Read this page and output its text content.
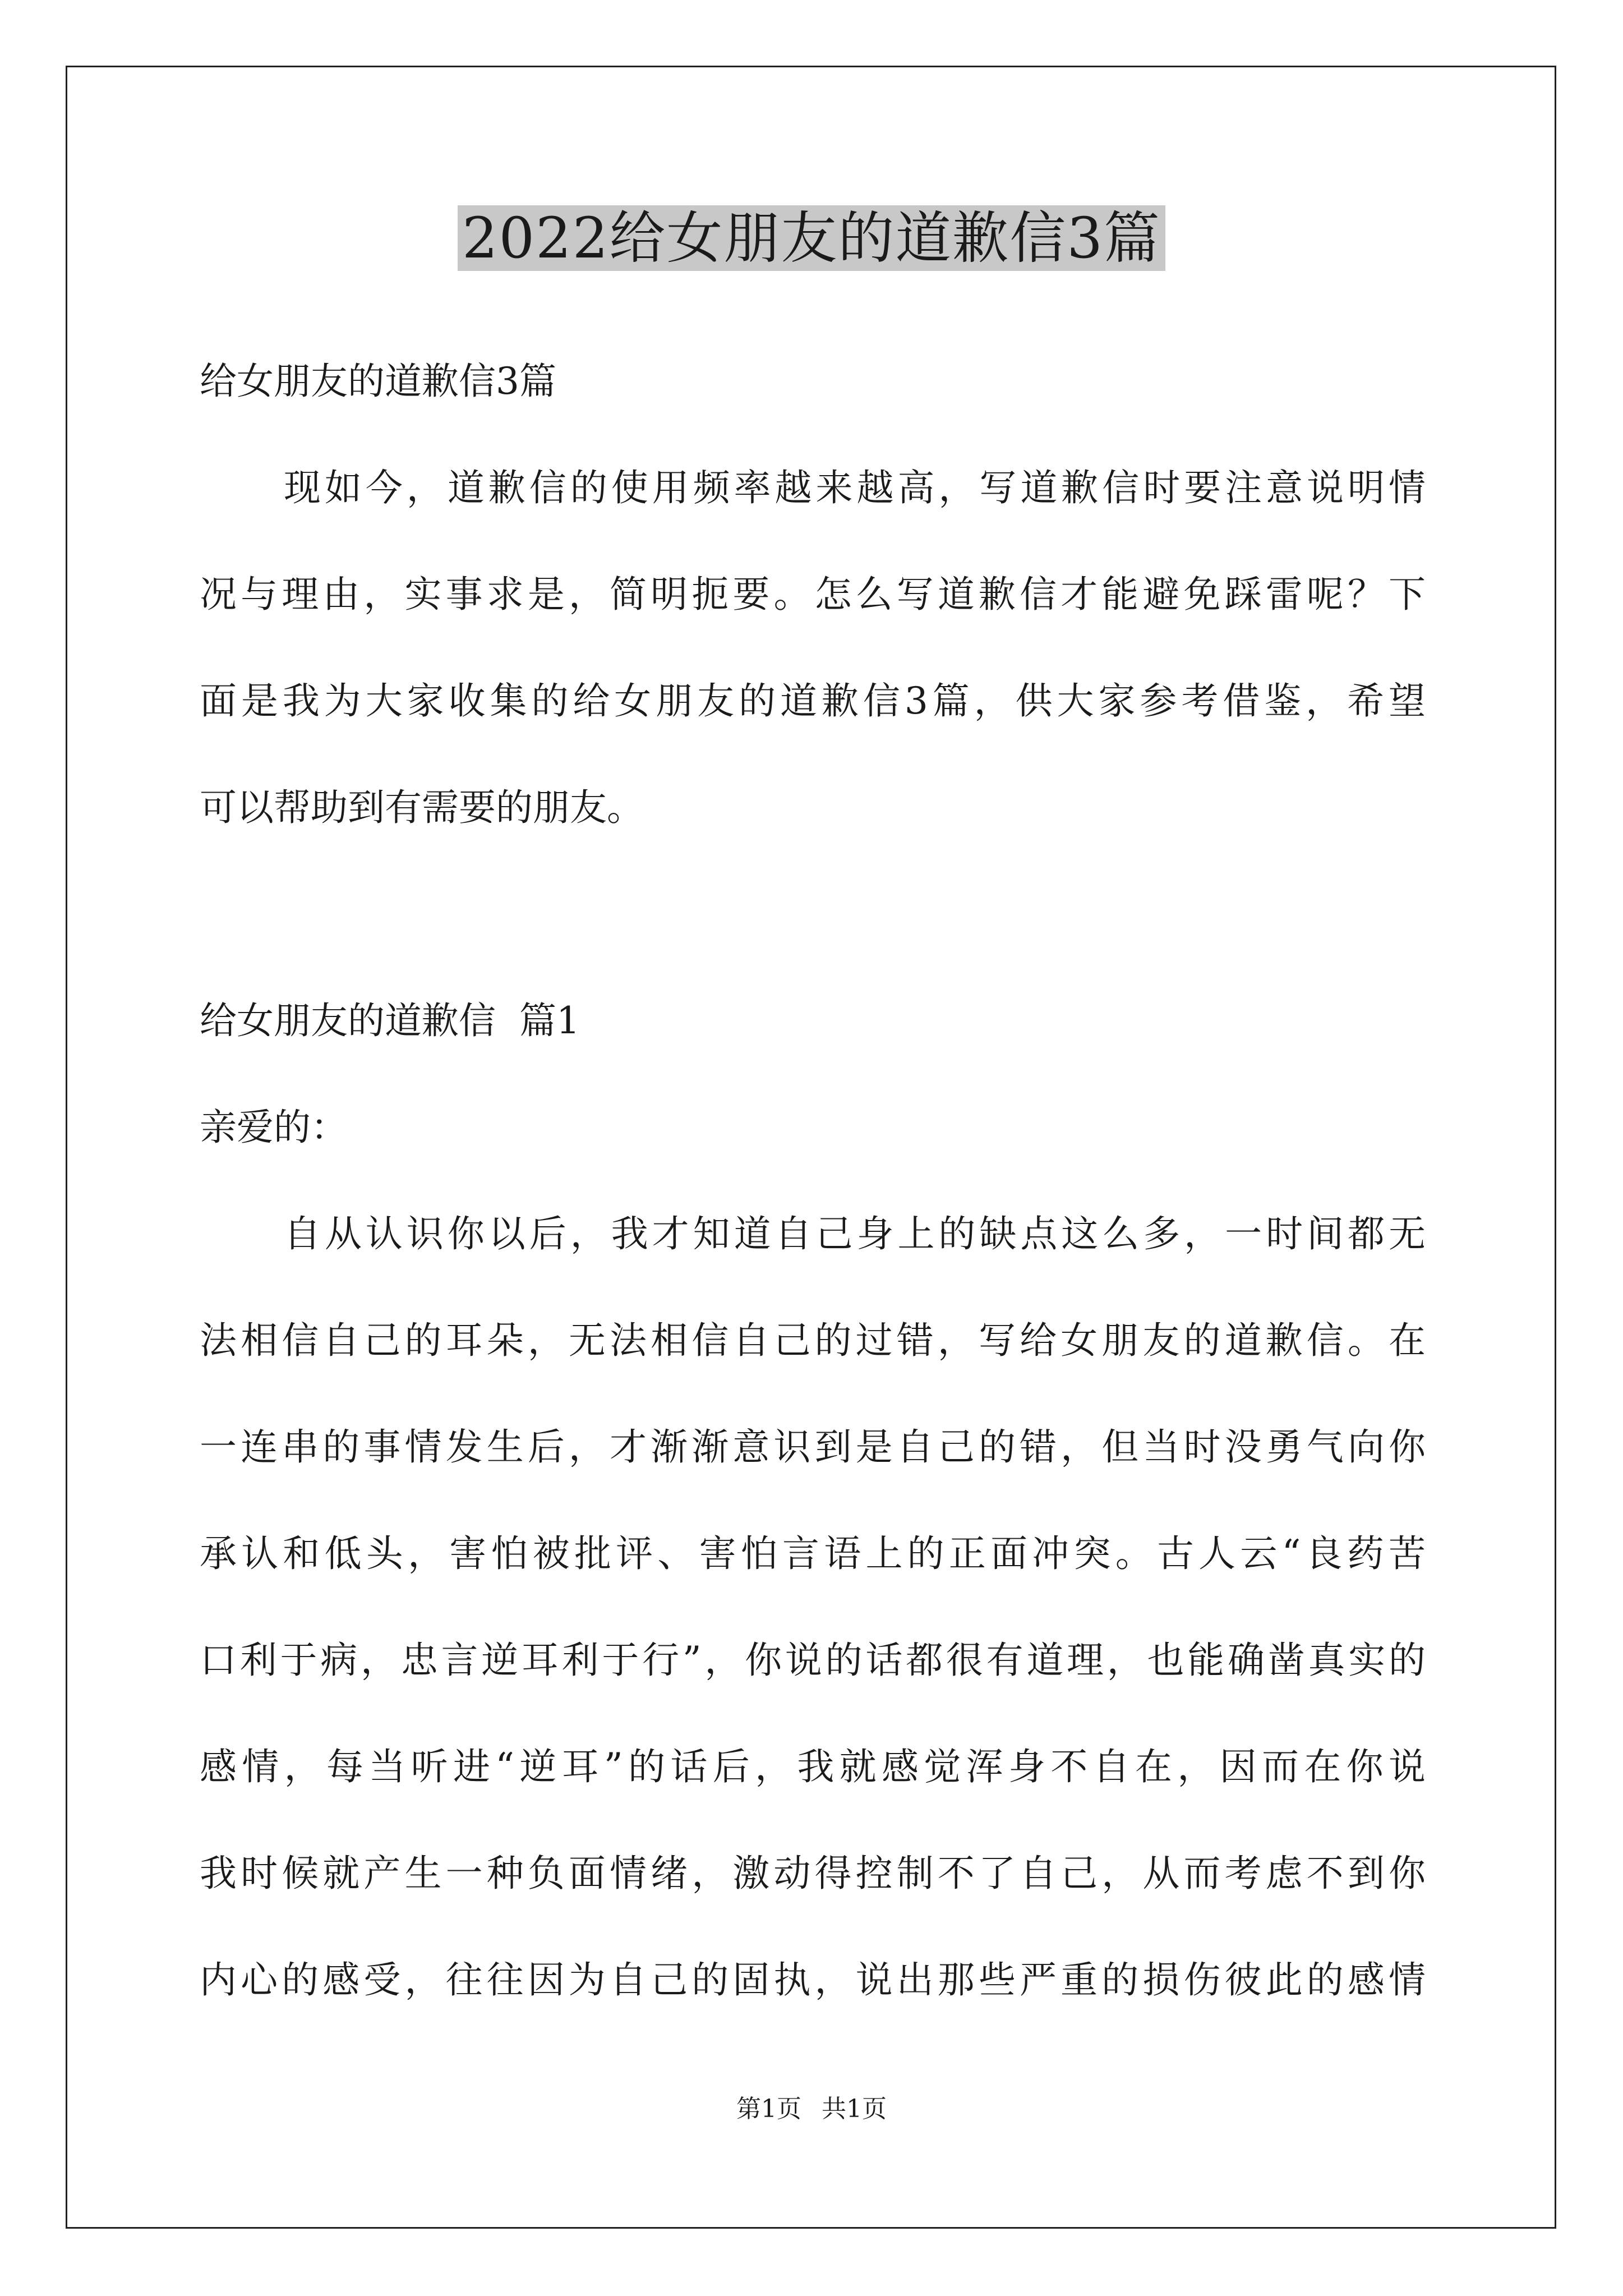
2022给女朋友的道歉信3篇
给女朋友的道歉信3篇
现如今，道歉信的使用频率越来越高，写道歉信时要注意说明情
况与理由，实事求是，简明扼要。怎么写道歉信才能避免踩雷呢？下
面是我为大家收集的给女朋友的道歉信3篇，供大家参考借鉴，希望
可以帮助到有需要的朋友。
给女朋友的道歉信  篇1
亲爱的：
自从认识你以后，我才知道自己身上的缺点这么多，一时间都无
法相信自己的耳朵，无法相信自己的过错，写给女朋友的道歉信。在
一连串的事情发生后，才渐渐意识到是自己的错，但当时没勇气向你
承认和低头，害怕被批评、害怕言语上的正面冲突。古人云“良药苦
口利于病，忠言逆耳利于行”，你说的话都很有道理，也能确凿真实的
感情，每当听进“逆耳”的话后，我就感觉浑身不自在，因而在你说
我时候就产生一种负面情绪，激动得控制不了自己，从而考虑不到你
内心的感受，往往因为自己的固执，说出那些严重的损伤彼此的感情
第1页 共1页
